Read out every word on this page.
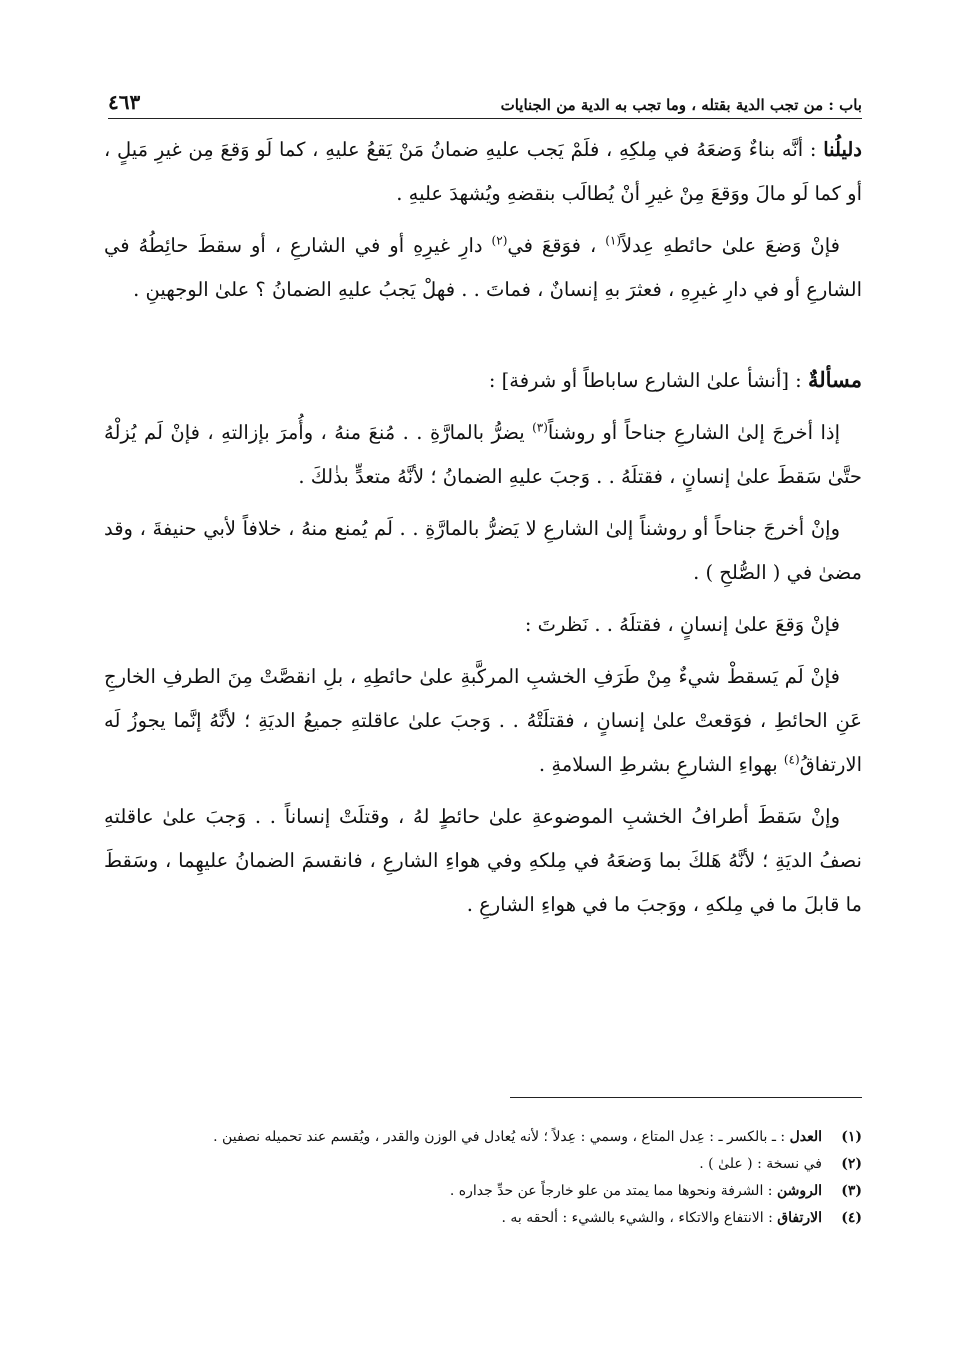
باب : من تجب الدية بقتله ، وما تجب به الدية من الجنايات
٤٦٣

دليلُنا : أنَّه بناءٌ وَضعَهُ في مِلكِهِ ، فلَمْ يَجب عليهِ ضمانُ مَنْ يَقعُ عليهِ ، كما لَو وَقعَ مِن غيرِ مَيلٍ ، أو كما لَو مالَ ووَقعَ مِنْ غيرِ أنْ يُطالَب بنقضهِ ويُشهدَ عليهِ .

فإنْ وَضعَ علىٰ حائطهِ عِدلاً$^{(١)}$ ، فوَقعَ في$^{(٢)}$ دارِ غيرِهِ أو في الشارعِ ، أو سقطَ حائِطُهُ في الشارعِ أو في دارِ غيرِهِ ، فعثرَ بهِ إنسانٌ ، فماتَ . . فهلْ يَجبُ عليهِ الضمانُ ؟ علىٰ الوجهينِ .

مسألةٌ : [أنشأ علىٰ الشارع ساباطاً أو شرفة] :

إذا أخرجَ إلىٰ الشارعِ جناحاً أو روشناً$^{(٣)}$ يضرُّ بالمارَّةِ . . مُنعَ منهُ ، وأُمرَ بإزالتهِ ، فإنْ لَم يُزلْهُ حتَّىٰ سَقطَ علىٰ إنسانٍ ، فقتلَهُ . . وَجبَ عليهِ الضمانُ ؛ لأنَّهُ متعدٍّ بذٰلكَ .

وإنْ أخرجَ جناحاً أو روشناً إلىٰ الشارعِ لا يَضرُّ بالمارَّةِ . . لَم يُمنع منهُ ، خلافاً لأبي حنيفةَ ، وقد مضىٰ في ( الصُّلحِ ) .

فإنْ وَقعَ علىٰ إنسانٍ ، فقتلَهُ . . نَظرتَ :

فإنْ لَم يَسقطْ شيءٌ مِنْ طَرَفِ الخشبِ المركَّبةِ علىٰ حائطِهِ ، بلِ انقصَّتْ مِنَ الطرفِ الخارجِ عَنِ الحائطِ ، فوَقعتْ علىٰ إنسانٍ ، فقتلَتْهُ . . وَجبَ علىٰ عاقلتهِ جميعُ الديَةِ ؛ لأنَّهُ إنَّما يجوزُ لَه الارتفاقُ$^{(٤)}$ بهواءِ الشارعِ بشرطِ السلامةِ .

وإنْ سَقطَ أطرافُ الخشبِ الموضوعةِ علىٰ حائطٍ لهُ ، وقتلَتْ إنساناً . . وَجبَ علىٰ عاقلتهِ نصفُ الديَةِ ؛ لأنَّهُ هَلكَ بما وَضعَهُ في مِلكهِ وفي هواءِ الشارعِ ، فانقسمَ الضمانُ عليهِما ، وسَقطَ ما قابلَ ما في مِلكهِ ، ووَجبَ ما في هواءِ الشارعِ .

(١)
العدل : ـ بالكسر ـ : عِدل المتاع ، وسمي : عِدلاً ؛ لأنه يُعادل في الوزن والقدر ، ويُقسم عند تحميله نصفين .
(٢)
في نسخة : ( علىٰ ) .
(٣)
الروشن : الشرفة ونحوها مما يمتد من علو خارجاً عن حدِّ جداره .
(٤)
الارتفاق : الانتفاع والاتكاء ، والشيء بالشيء : ألحقه به .
